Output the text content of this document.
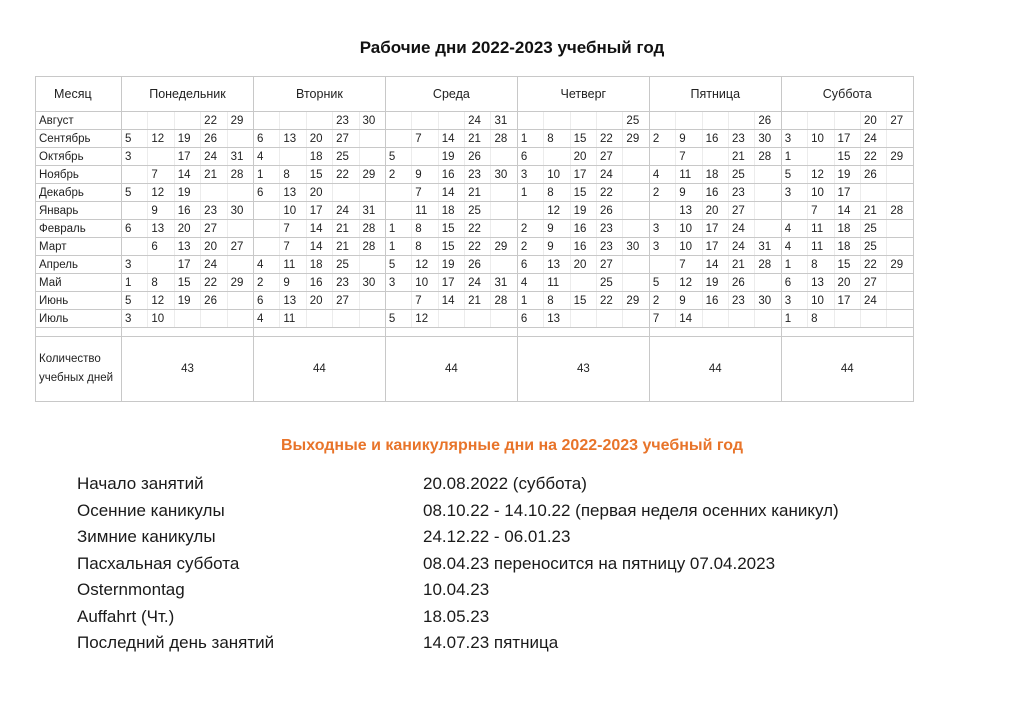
Рабочие дни 2022-2023 учебный год
Месяц	Понедельник					Вторник					Среда					Четверг					Пятница					Суббота				
Август				22	29				23	30				24	31					25					26				20	27
Сентябрь	5	12	19	26		6	13	20	27			7	14	21	28	1	8	15	22	29	2	9	16	23	30	3	10	17	24	
Октябрь	3		17	24	31	4		18	25		5		19	26		6		20	27			7		21	28	1		15	22	29
Ноябрь		7	14	21	28	1	8	15	22	29	2	9	16	23	30	3	10	17	24		4	11	18	25		5	12	19	26	
Декабрь	5	12	19			6	13	20				7	14	21		1	8	15	22		2	9	16	23		3	10	17		
Январь		9	16	23	30		10	17	24	31		11	18	25			12	19	26			13	20	27			7	14	21	28
Февраль	6	13	20	27			7	14	21	28	1	8	15	22		2	9	16	23		3	10	17	24		4	11	18	25	
Март		6	13	20	27		7	14	21	28	1	8	15	22	29	2	9	16	23	30	3	10	17	24	31	4	11	18	25	
Апрель	3		17	24		4	11	18	25		5	12	19	26		6	13	20	27			7	14	21	28	1	8	15	22	29
Май	1	8	15	22	29	2	9	16	23	30	3	10	17	24	31	4	11		25		5	12	19	26		6	13	20	27	
Июнь	5	12	19	26		6	13	20	27			7	14	21	28	1	8	15	22	29	2	9	16	23	30	3	10	17	24	
Июль	3	10				4	11				5	12				6	13				7	14				1	8			

Количество учебных дней	43					44					44					43					44					44				
Выходные и каникулярные дни на 2022-2023 учебный год
Начало занятий	20.08.2022 (суббота)
Осенние каникулы	08.10.22 - 14.10.22 (первая неделя осенних каникул)
Зимние каникулы	24.12.22 - 06.01.23
Пасхальная суббота	08.04.23 переносится на пятницу 07.04.2023
Osternmontag	10.04.23
Auffahrt (Чт.)	18.05.23
Последний день занятий	14.07.23 пятница
